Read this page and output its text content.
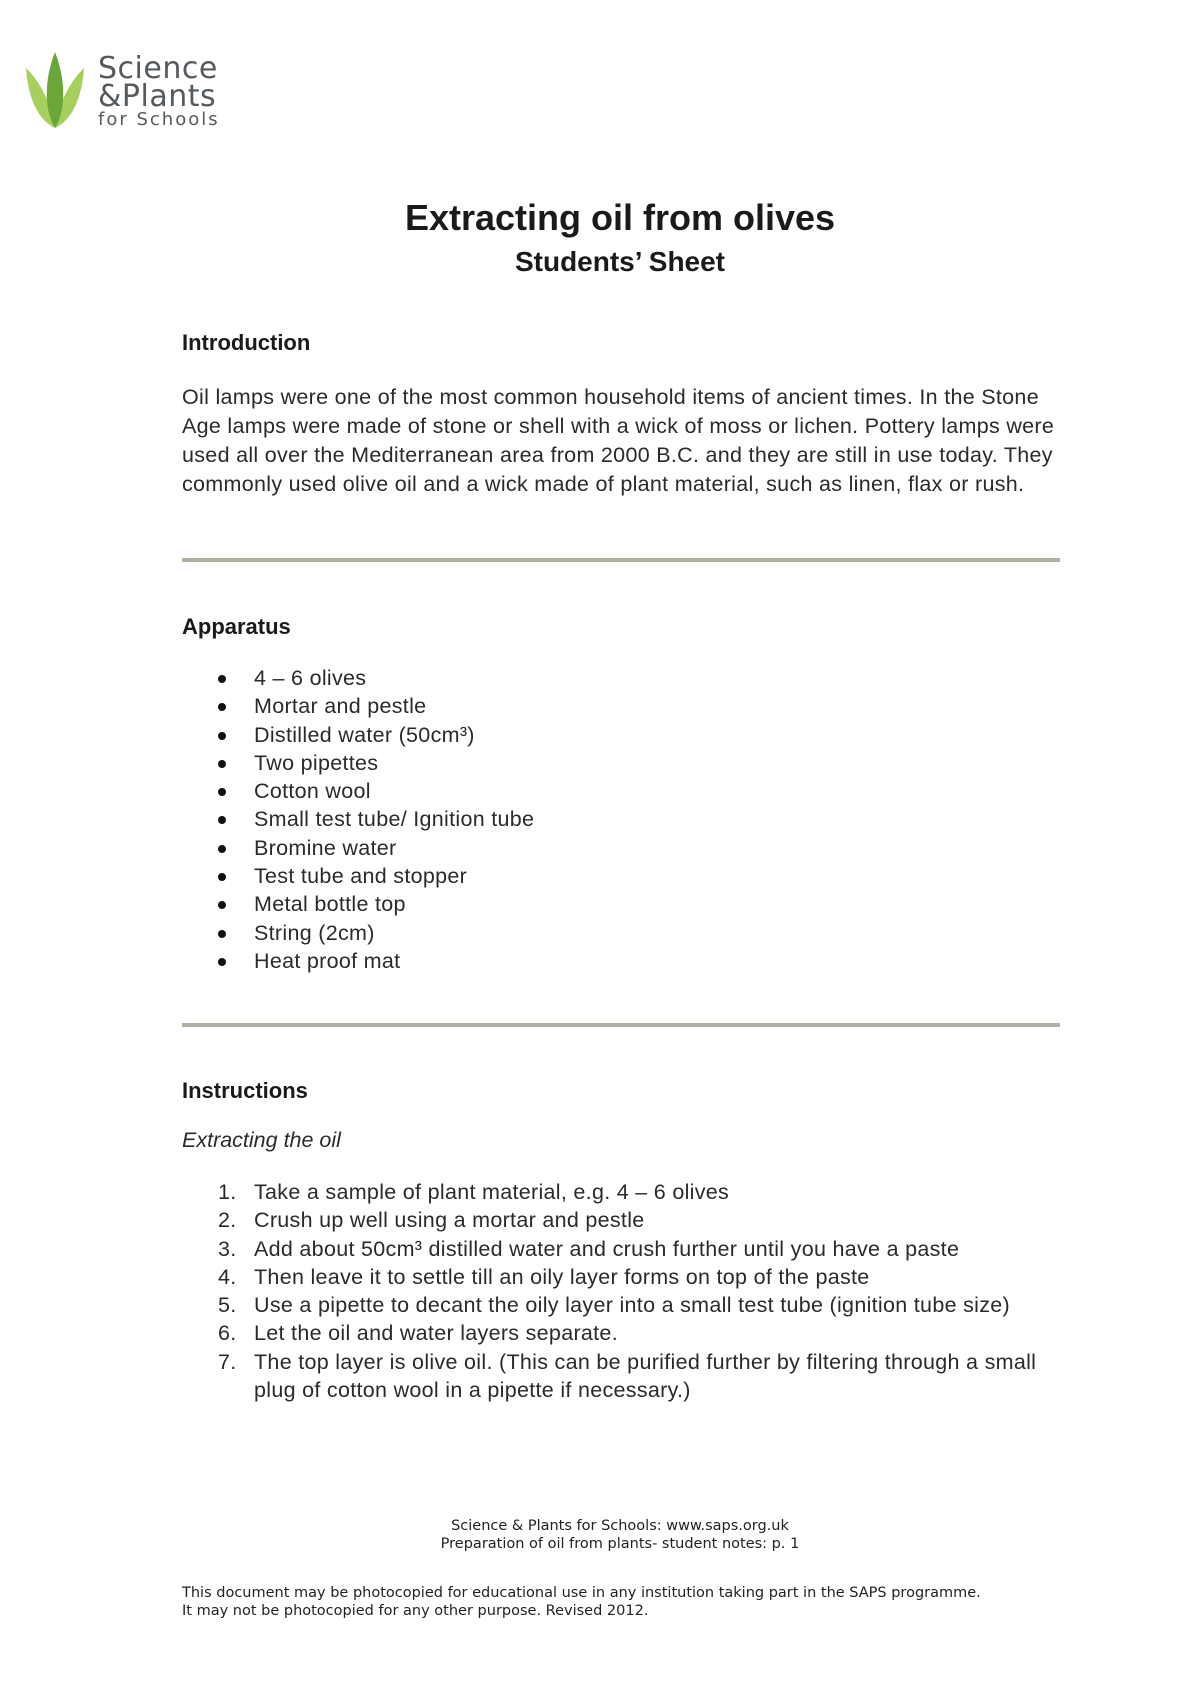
Science
&Plants
for Schools
Extracting oil from olives
Students’ Sheet

Introduction

Oil lamps were one of the most common household items of ancient times. In the Stone Age lamps were made of stone or shell with a wick of moss or lichen. Pottery lamps were used all over the Mediterranean area from 2000 B.C. and they are still in use today. They commonly used olive oil and a wick made of plant material, such as linen, flax or rush.

Apparatus

4 – 6 olives
Mortar and pestle
Distilled water (50cm³)
Two pipettes
Cotton wool
Small test tube/ Ignition tube
Bromine water
Test tube and stopper
Metal bottle top
String (2cm)
Heat proof mat

Instructions

Extracting the oil

1. Take a sample of plant material, e.g. 4 – 6 olives
2. Crush up well using a mortar and pestle
3. Add about 50cm³ distilled water and crush further until you have a paste
4. Then leave it to settle till an oily layer forms on top of the paste
5. Use a pipette to decant the oily layer into a small test tube (ignition tube size)
6. Let the oil and water layers separate.
7. The top layer is olive oil. (This can be purified further by filtering through a small plug of cotton wool in a pipette if necessary.)
Science & Plants for Schools: www.saps.org.uk
Preparation of oil from plants- student notes: p. 1
This document may be photocopied for educational use in any institution taking part in the SAPS programme.
It may not be photocopied for any other purpose. Revised 2012.
